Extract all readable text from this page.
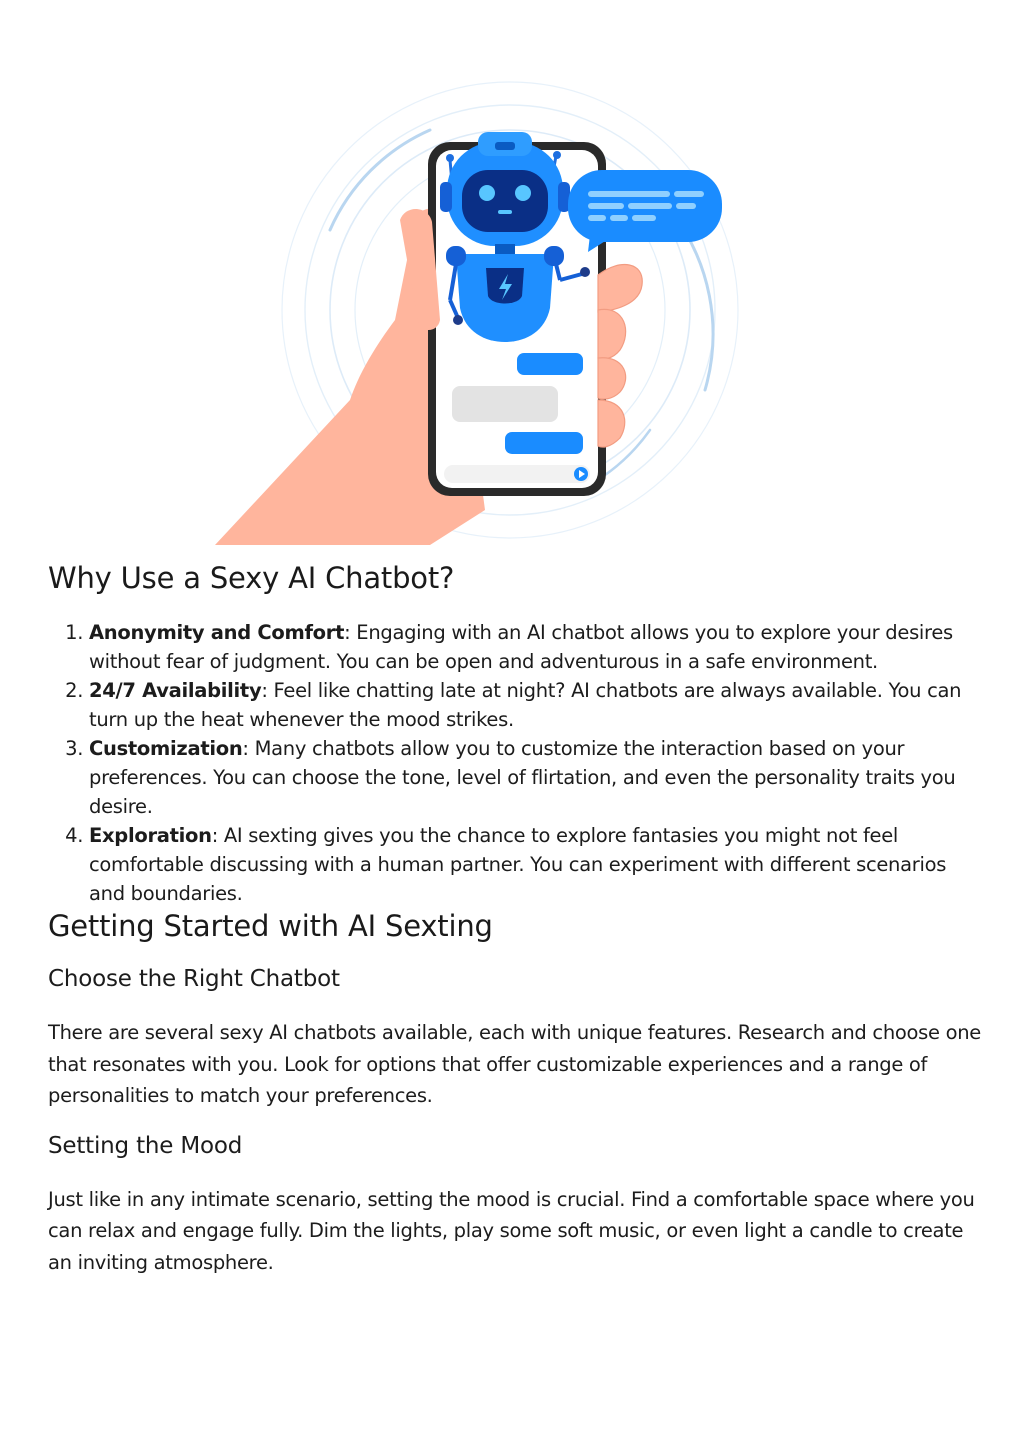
Why Use a Sexy AI Chatbot?
1. Anonymity and Comfort: Engaging with an AI chatbot allows you to explore your desires without fear of judgment. You can be open and adventurous in a safe environment.
2. 24/7 Availability: Feel like chatting late at night? AI chatbots are always available. You can turn up the heat whenever the mood strikes.
3. Customization: Many chatbots allow you to customize the interaction based on your preferences. You can choose the tone, level of flirtation, and even the personality traits you desire.
4. Exploration: AI sexting gives you the chance to explore fantasies you might not feel comfortable discussing with a human partner. You can experiment with different scenarios and boundaries.
Getting Started with AI Sexting
Choose the Right Chatbot

There are several sexy AI chatbots available, each with unique features. Research and choose one that resonates with you. Look for options that offer customizable experiences and a range of personalities to match your preferences.

Setting the Mood

Just like in any intimate scenario, setting the mood is crucial. Find a comfortable space where you can relax and engage fully. Dim the lights, play some soft music, or even light a candle to create an inviting atmosphere.
